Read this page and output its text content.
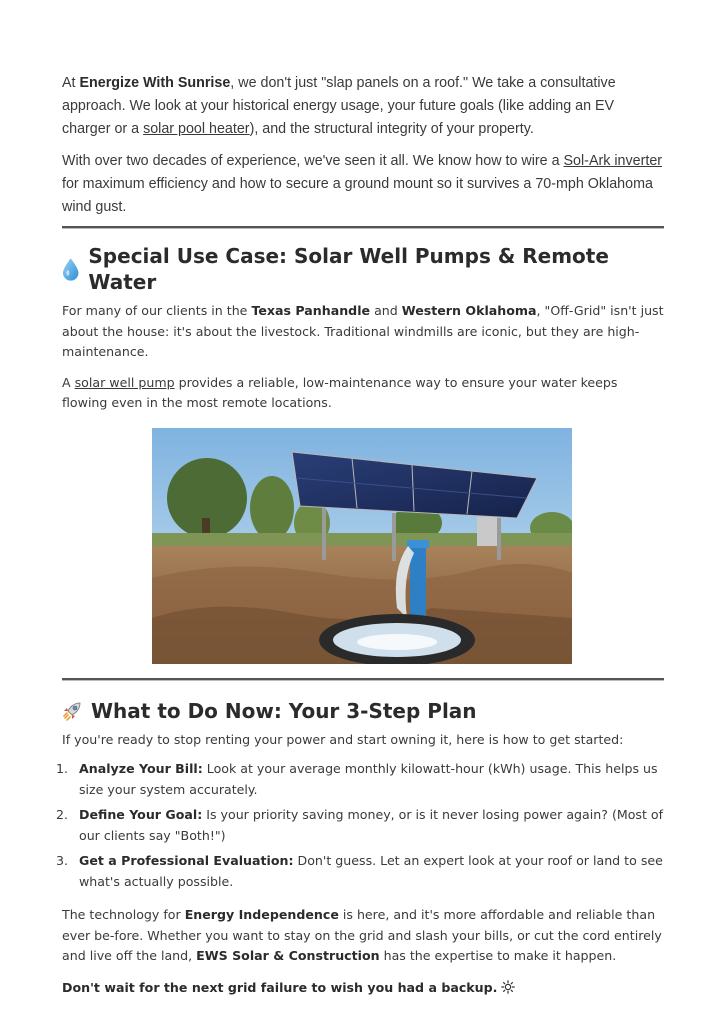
At Energize With Sunrise, we don't just "slap panels on a roof." We take a consultative approach. We look at your historical energy usage, your future goals (like adding an EV charger or a solar pool heater), and the structural integrity of your property.

With over two decades of experience, we've seen it all. We know how to wire a Sol-Ark inverter for maximum efficiency and how to secure a ground mount so it survives a 70-mph Oklahoma wind gust.

Special Use Case: Solar Well Pumps & Remote Water

For many of our clients in the Texas Panhandle and Western Oklahoma, "Off-Grid" isn't just about the house: it's about the livestock. Traditional windmills are iconic, but they are high-maintenance.

A solar well pump provides a reliable, low-maintenance way to ensure your water keeps flowing even in the most remote locations.

What to Do Now: Your 3-Step Plan

If you're ready to stop renting your power and start owning it, here is how to get started:

1. Analyze Your Bill: Look at your average monthly kilowatt-hour (kWh) usage. This helps us size your system accurately.
2. Define Your Goal: Is your priority saving money, or is it never losing power again? (Most of our clients say "Both!")
3. Get a Professional Evaluation: Don't guess. Let an expert look at your roof or land to see what's actually possible.

The technology for Energy Independence is here, and it's more affordable and reliable than ever be-fore. Whether you want to stay on the grid and slash your bills, or cut the cord entirely and live off the land, EWS Solar & Construction has the expertise to make it happen.

Don't wait for the next grid failure to wish you had a backup.
